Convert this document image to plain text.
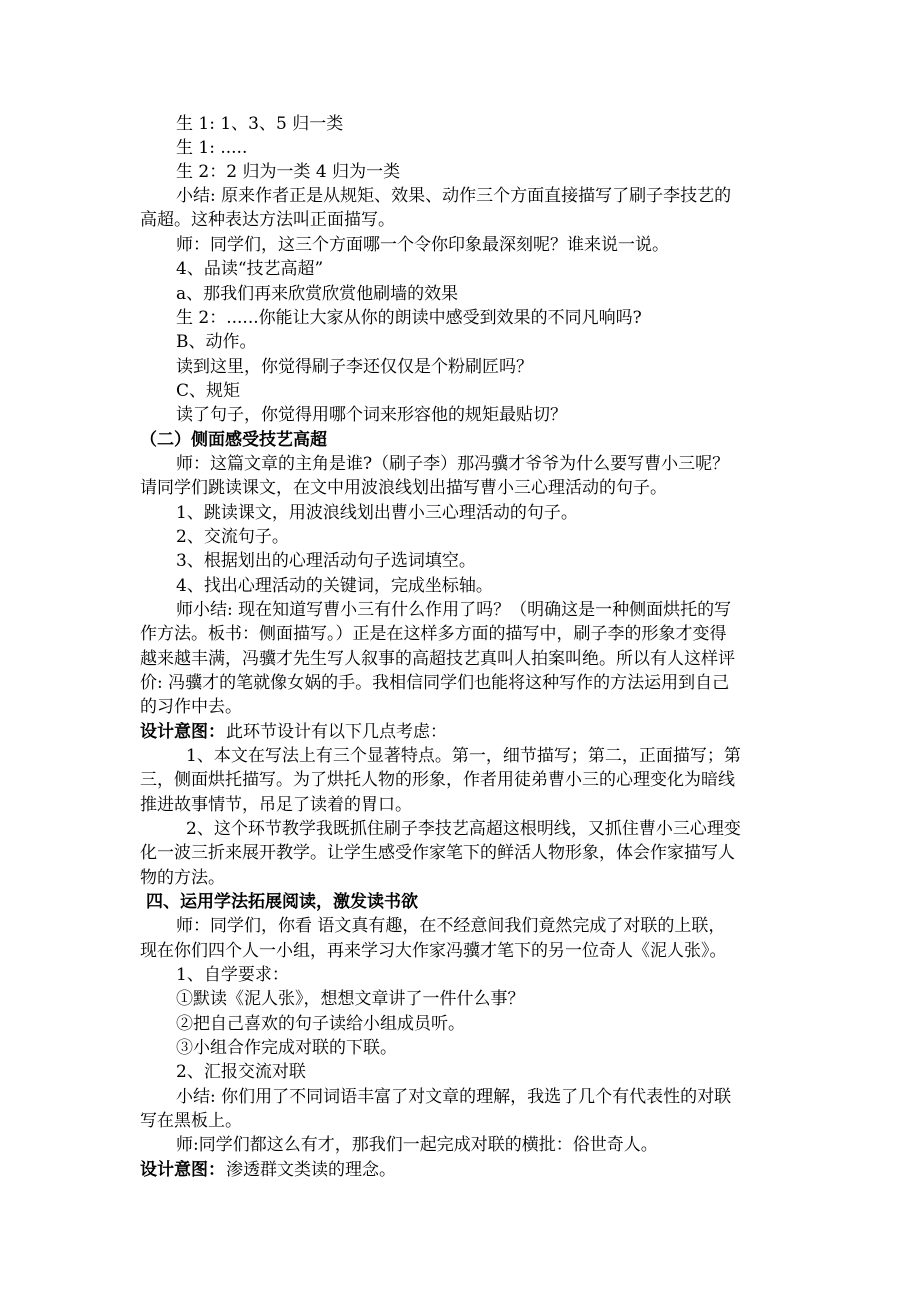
生 1: 1、3、5 归一类
生 1: .....
生 2：2 归为一类 4 归为一类
小结: 原来作者正是从规矩、效果、动作三个方面直接描写了刷子李技艺的
高超。这种表达方法叫正面描写。
师：同学们，这三个方面哪一个令你印象最深刻呢？谁来说一说。
4、品读“技艺高超”
a、那我们再来欣赏欣赏他刷墙的效果
生 2：......你能让大家从你的朗读中感受到效果的不同凡响吗?
B、动作。
读到这里，你觉得刷子李还仅仅是个粉刷匠吗？
C、规矩
读了句子，你觉得用哪个词来形容他的规矩最贴切？
（二）侧面感受技艺高超
师：这篇文章的主角是谁?（刷子李）那冯骥才爷爷为什么要写曹小三呢？
请同学们跳读课文，在文中用波浪线划出描写曹小三心理活动的句子。
1、跳读课文，用波浪线划出曹小三心理活动的句子。
2、交流句子。
3、根据划出的心理活动句子选词填空。
4、找出心理活动的关键词，完成坐标轴。
师小结: 现在知道写曹小三有什么作用了吗？（明确这是一种侧面烘托的写
作方法。板书：侧面描写。）正是在这样多方面的描写中，刷子李的形象才变得
越来越丰满，冯骥才先生写人叙事的高超技艺真叫人拍案叫绝。所以有人这样评
价: 冯骥才的笔就像女娲的手。我相信同学们也能将这种写作的方法运用到自己
的习作中去。
设计意图： 此环节设计有以下几点考虑：
1、本文在写法上有三个显著特点。第一，细节描写；第二，正面描写；第
三，侧面烘托描写。为了烘托人物的形象，作者用徒弟曹小三的心理变化为暗线
推进故事情节，吊足了读着的胃口。
2、这个环节教学我既抓住刷子李技艺高超这根明线，又抓住曹小三心理变
化一波三折来展开教学。让学生感受作家笔下的鲜活人物形象，体会作家描写人
物的方法。
四、运用学法拓展阅读，激发读书欲
师：同学们，你看 语文真有趣，在不经意间我们竟然完成了对联的上联，
现在你们四个人一小组，再来学习大作家冯骥才笔下的另一位奇人《泥人张》。
1、自学要求：
①默读《泥人张》，想想文章讲了一件什么事？
②把自己喜欢的句子读给小组成员听。
③小组合作完成对联的下联。
2、汇报交流对联
小结: 你们用了不同词语丰富了对文章的理解，我选了几个有代表性的对联
写在黑板上。
师:同学们都这么有才，那我们一起完成对联的横批：俗世奇人。
设计意图： 渗透群文类读的理念。
